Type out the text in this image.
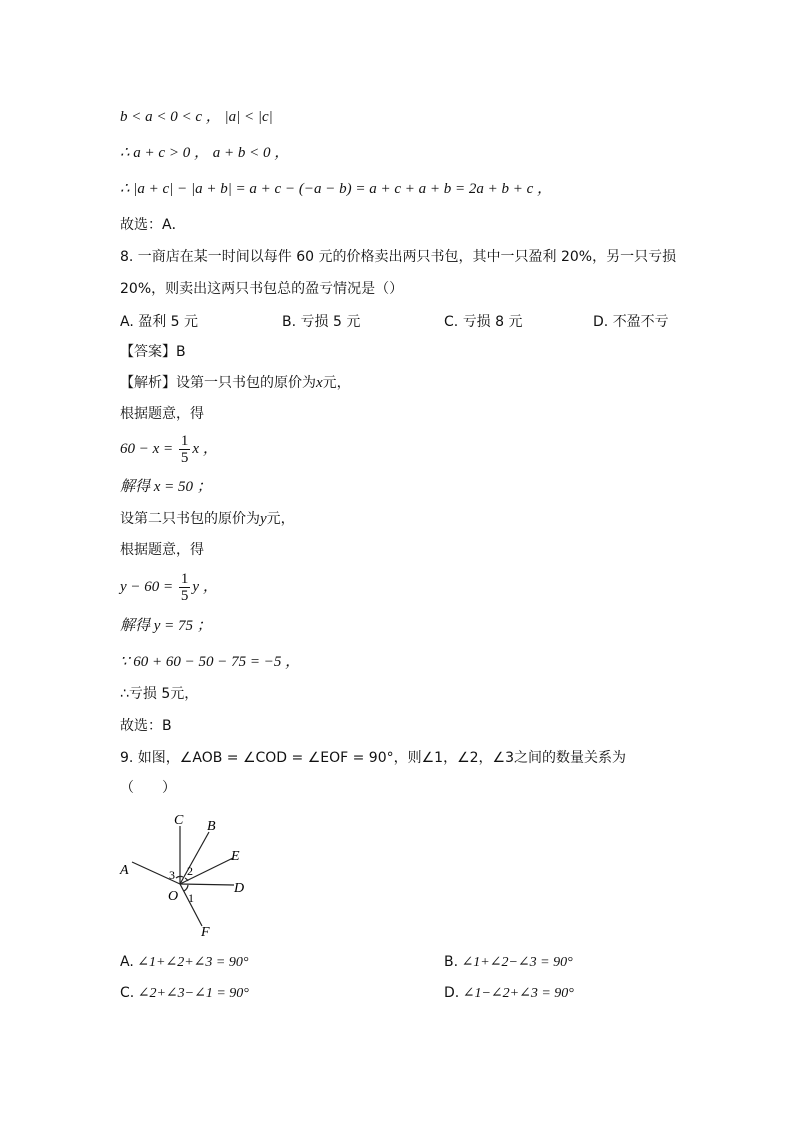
b < a < 0 < c ， |a| < |c|
∴ a + c > 0 ， a + b < 0 ，
∴ |a + c| − |a + b| = a + c − (−a − b) = a + c + a + b = 2a + b + c ，
故选：A．
8. 一商店在某一时间以每件 60 元的价格卖出两只书包，其中一只盈利 20%，另一只亏损
20%，则卖出这两只书包总的盈亏情况是（）
A. 盈利 5 元	B. 亏损 5 元	C. 亏损 8 元	D. 不盈不亏
【答案】B
【解析】设第一只书包的原价为x元，
根据题意，得
$60 - x = \frac{1}{5}$ x ，
解得 x = 50 ；
设第二只书包的原价为y元，
根据题意，得
$y - 60 = \frac{1}{5}$ y ，
解得 y = 75 ；
∵ 60 + 60 − 50 − 75 = −5 ，
∴亏损 5元，
故选：B
9. 如图，∠AOB = ∠COD = ∠EOF = 90°，则∠1，∠2，∠3之间的数量关系为
（　　）
C B
E
A
D
O
F
3 2
1
A. ∠1+∠2+∠3 = 90°	B. ∠1+∠2−∠3 = 90°
C. ∠2+∠3−∠1 = 90°	D. ∠1−∠2+∠3 = 90°
